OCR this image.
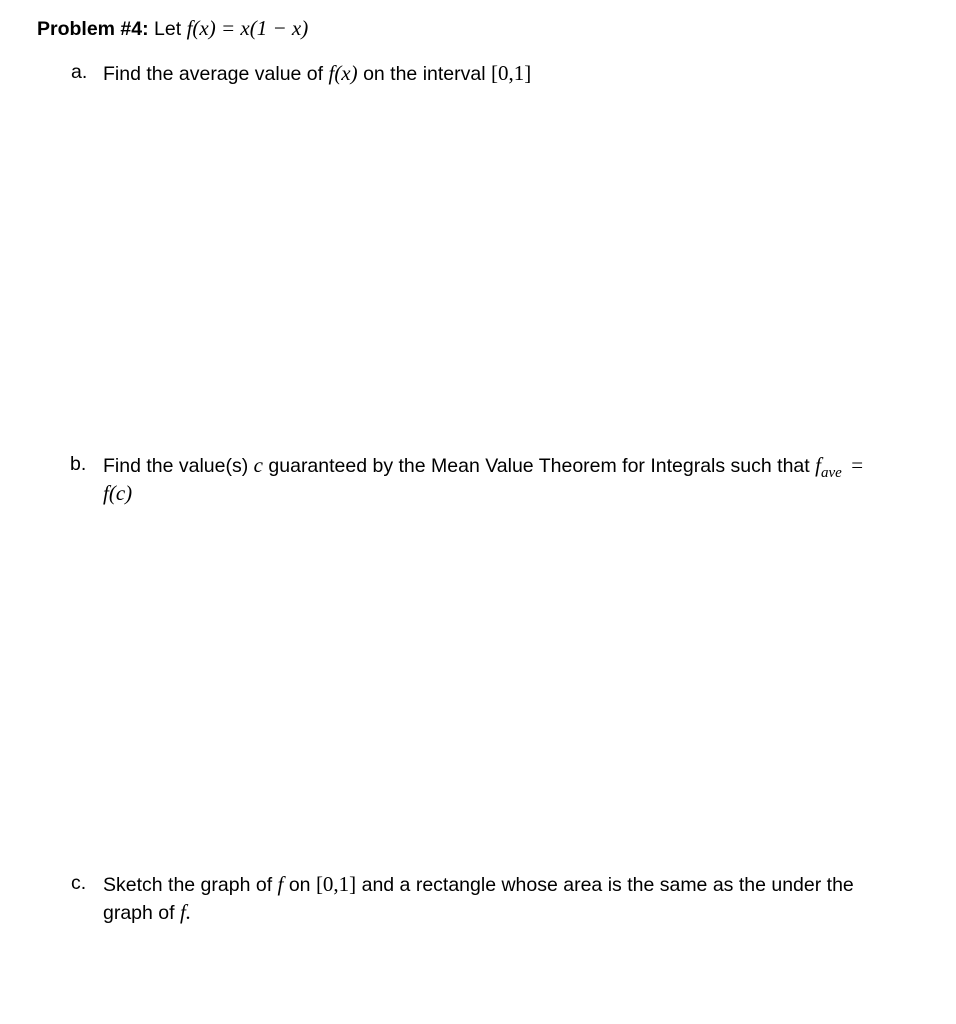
Problem #4: Let f(x) = x(1 − x)
a. Find the average value of f(x) on the interval [0,1]
b. Find the value(s) c guaranteed by the Mean Value Theorem for Integrals such that $f_{ave}$ =
f(c)
c. Sketch the graph of f on [0,1] and a rectangle whose area is the same as the under the
graph of f.
